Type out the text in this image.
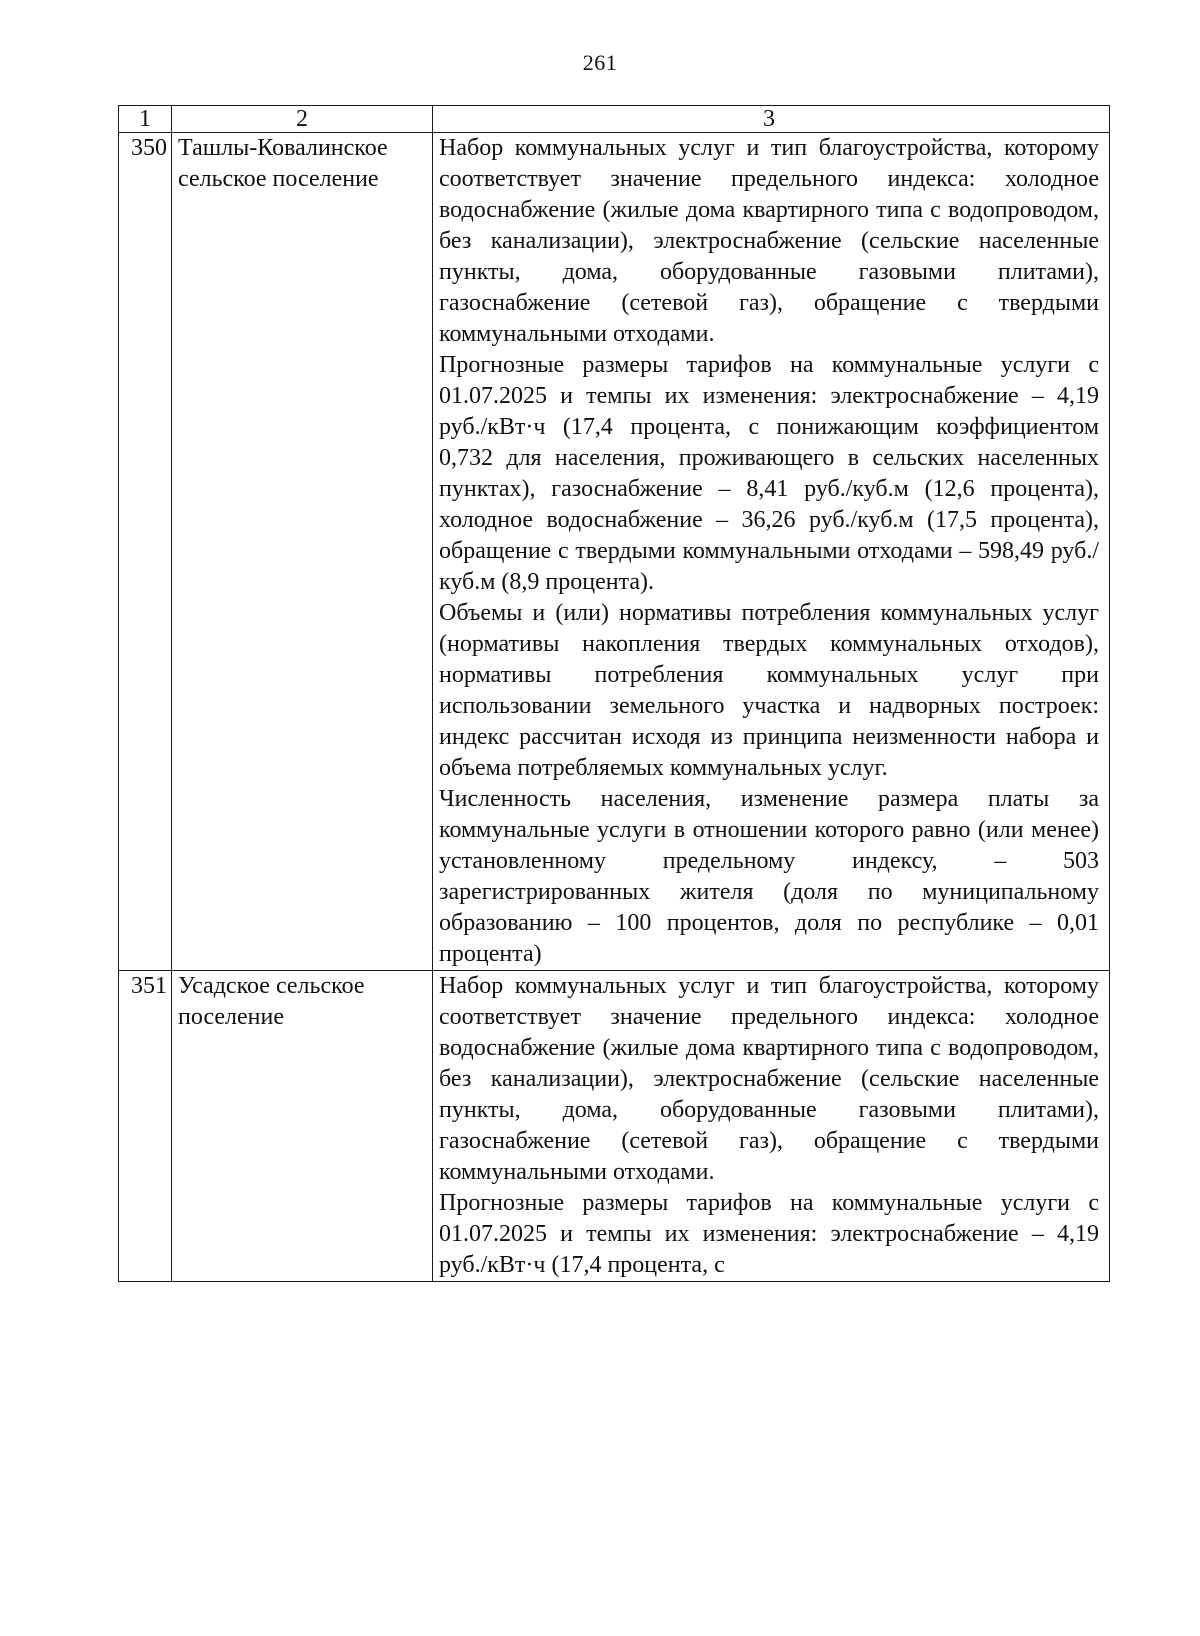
261
1	2	3
350	Ташлы-Ковалинское сельское поселение	Набор коммунальных услуг и тип благоустройства, которому соответствует значение предельного индекса: холодное водоснабжение (жилые дома квартирного типа с водопроводом, без канализации), электроснабжение (сельские населенные пункты, дома, оборудованные газовыми плитами), газоснабжение (сетевой газ), обращение с твердыми коммунальными отходами.

Прогнозные размеры тарифов на коммунальные услуги с 01.07.2025 и темпы их изменения: электроснабжение – 4,19 руб./кВт·ч (17,4 процента, с понижающим коэффициентом 0,732 для населения, проживающего в сельских населенных пунктах), газоснабжение – 8,41 руб./куб.м (12,6 процента), холодное водоснабжение – 36,26 руб./куб.м (17,5 процента), обращение с твердыми коммунальными отходами – 598,49 руб./куб.м (8,9 процента).

Объемы и (или) нормативы потребления коммунальных услуг (нормативы накопления твердых коммунальных отходов), нормативы потребления коммунальных услуг при использовании земельного участка и надворных построек: индекс рассчитан исходя из принципа неизменности набора и объема потребляемых коммунальных услуг.

Численность населения, изменение размера платы за коммунальные услуги в отношении которого равно (или менее) установленному предельному индексу, – 503 зарегистрированных жителя (доля по муниципальному образованию – 100 процентов, доля по республике – 0,01 процента)

351	Усадское сельское поселение	Набор коммунальных услуг и тип благоустройства, которому соответствует значение предельного индекса: холодное водоснабжение (жилые дома квартирного типа с водопроводом, без канализации), электроснабжение (сельские населенные пункты, дома, оборудованные газовыми плитами), газоснабжение (сетевой газ), обращение с твердыми коммунальными отходами.

Прогнозные размеры тарифов на коммунальные услуги с 01.07.2025 и темпы их изменения: электроснабжение – 4,19 руб./кВт·ч (17,4 процента, с
